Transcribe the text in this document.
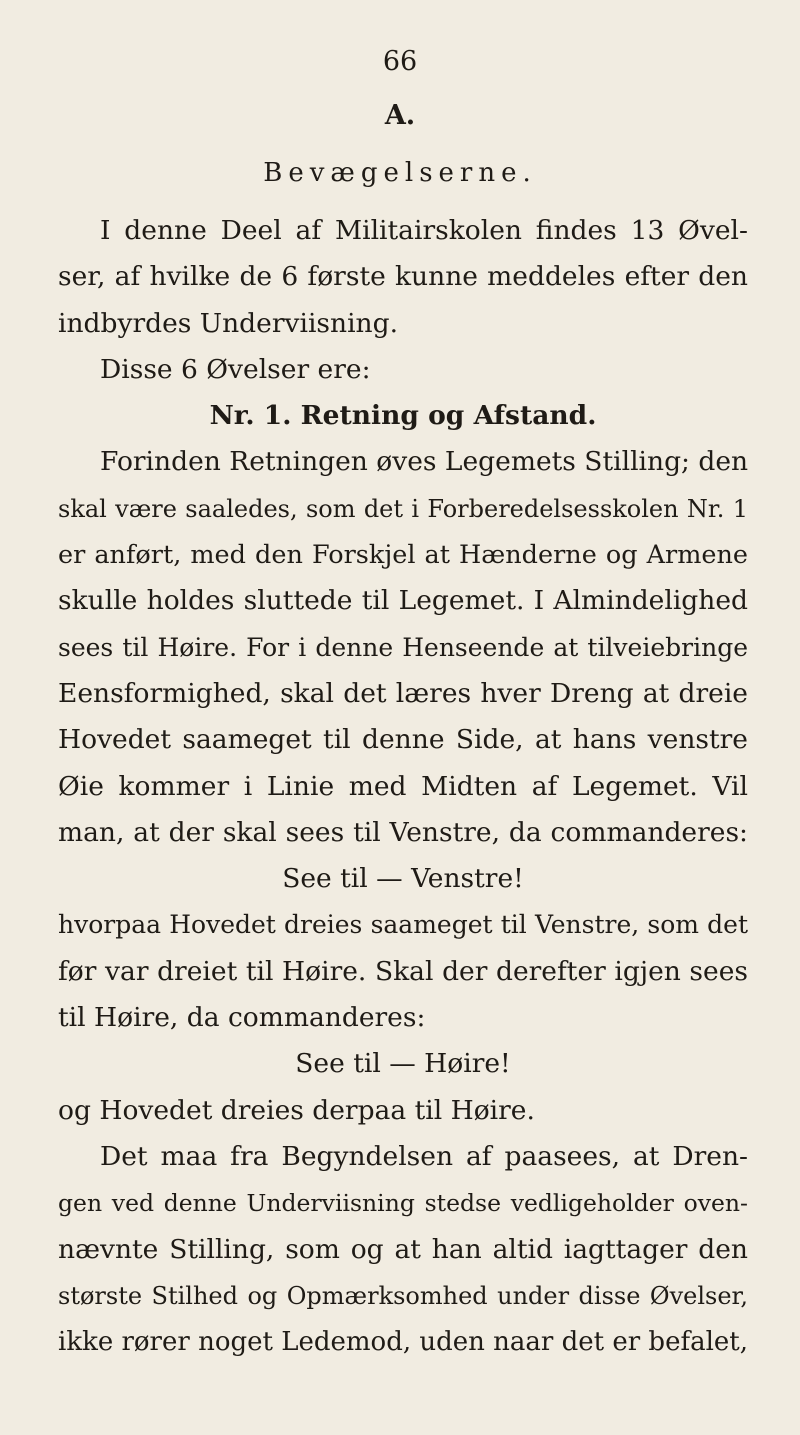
66
A.
Bevægelserne.
I denne Deel af Militairskolen findes 13 Øvel-
ser, af hvilke de 6 første kunne meddeles efter den
indbyrdes Underviisning.
Disse 6 Øvelser ere:
Nr. 1. Retning og Afstand.
Forinden Retningen øves Legemets Stilling; den
skal være saaledes, som det i Forberedelsesskolen Nr. 1
er anført, med den Forskjel at Hænderne og Armene
skulle holdes sluttede til Legemet. I Almindelighed
sees til Høire. For i denne Henseende at tilveiebringe
Eensformighed, skal det læres hver Dreng at dreie
Hovedet saameget til denne Side, at hans venstre
Øie kommer i Linie med Midten af Legemet. Vil
man, at der skal sees til Venstre, da commanderes:
See til — Venstre!
hvorpaa Hovedet dreies saameget til Venstre, som det
før var dreiet til Høire. Skal der derefter igjen sees
til Høire, da commanderes:
See til — Høire!
og Hovedet dreies derpaa til Høire.
Det maa fra Begyndelsen af paasees, at Dren-
gen ved denne Underviisning stedse vedligeholder oven-
nævnte Stilling, som og at han altid iagttager den
største Stilhed og Opmærksomhed under disse Øvelser,
ikke rører noget Ledemod, uden naar det er befalet,
